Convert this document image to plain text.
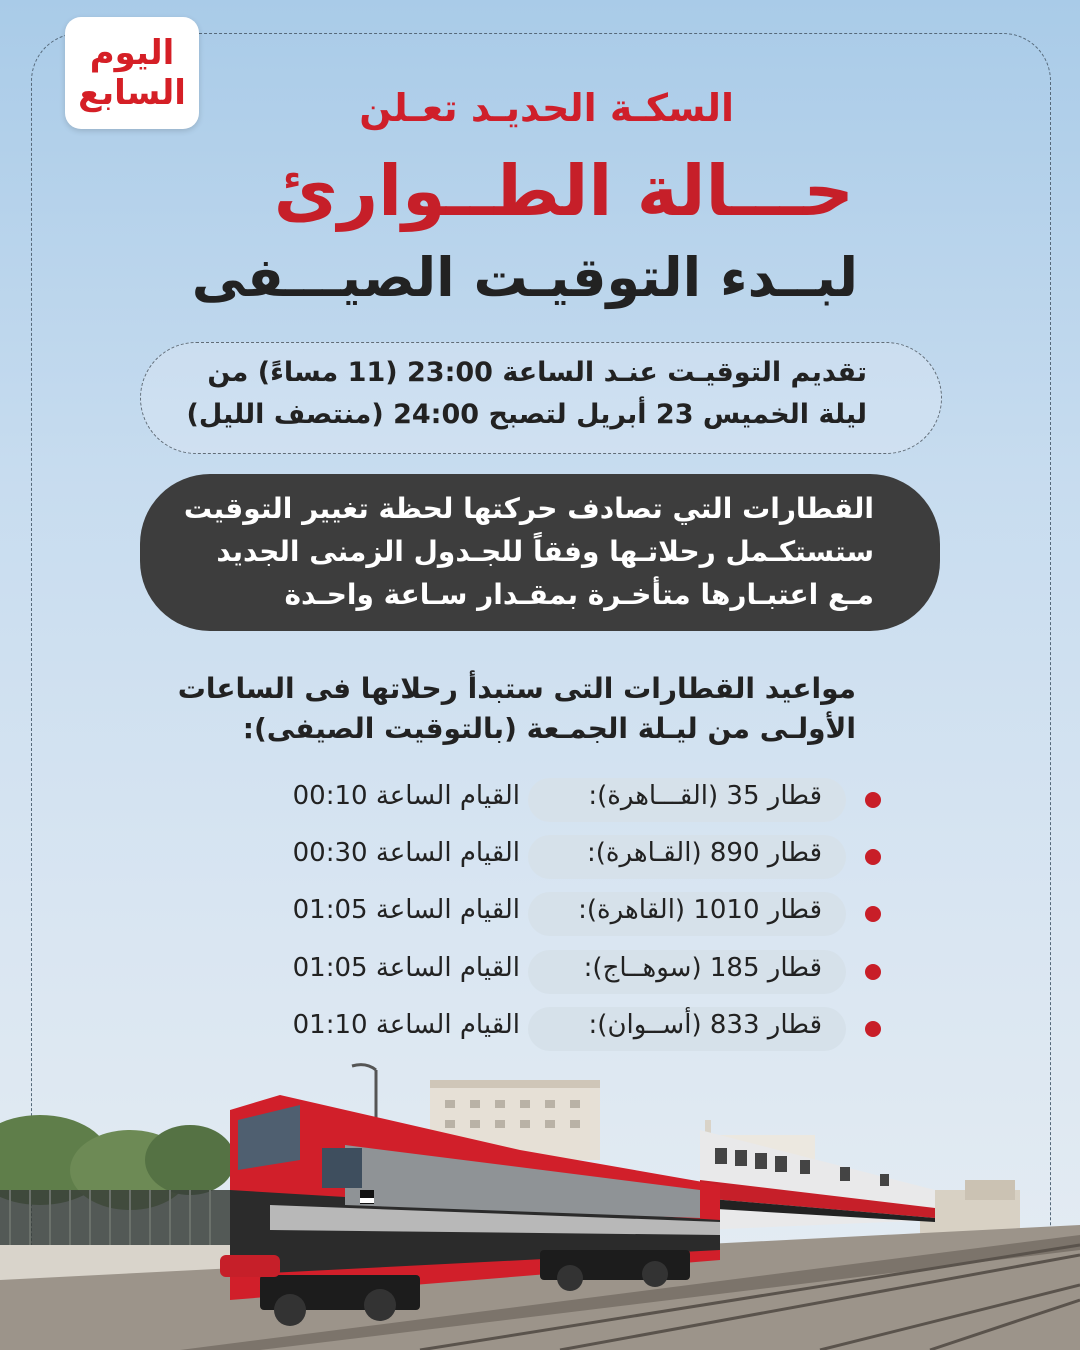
اليوم
السابع	السكـة الحديـد تعـلن
حـــالة الطــوارئ
لبــدء التوقيـت الصيـــفى
تقديم التوقيـت عنـد الساعة 23:00 (11 مساءً) من
ليلة الخميس 23 أبريل لتصبح 24:00 (منتصف الليل)
القطارات التي تصادف حركتها لحظة تغيير التوقيت
ستستكـمل رحلاتـها وفقاً للجـدول الزمنى الجديد
مـع اعتبـارها متأخـرة بمقـدار سـاعة واحـدة
مواعيد القطارات التى ستبدأ رحلاتها فى الساعات
الأولـى من ليـلة الجمـعة (بالتوقيت الصيفى):
قطار 35 (القـــاهرة):
القيام الساعة 00:10
قطار 890 (القـاهرة):
القيام الساعة 00:30
قطار 1010 (القاهرة):
القيام الساعة 01:05
قطار 185 (سوهــاج):
القيام الساعة 01:05
قطار 833 (أســوان):
القيام الساعة 01:10
